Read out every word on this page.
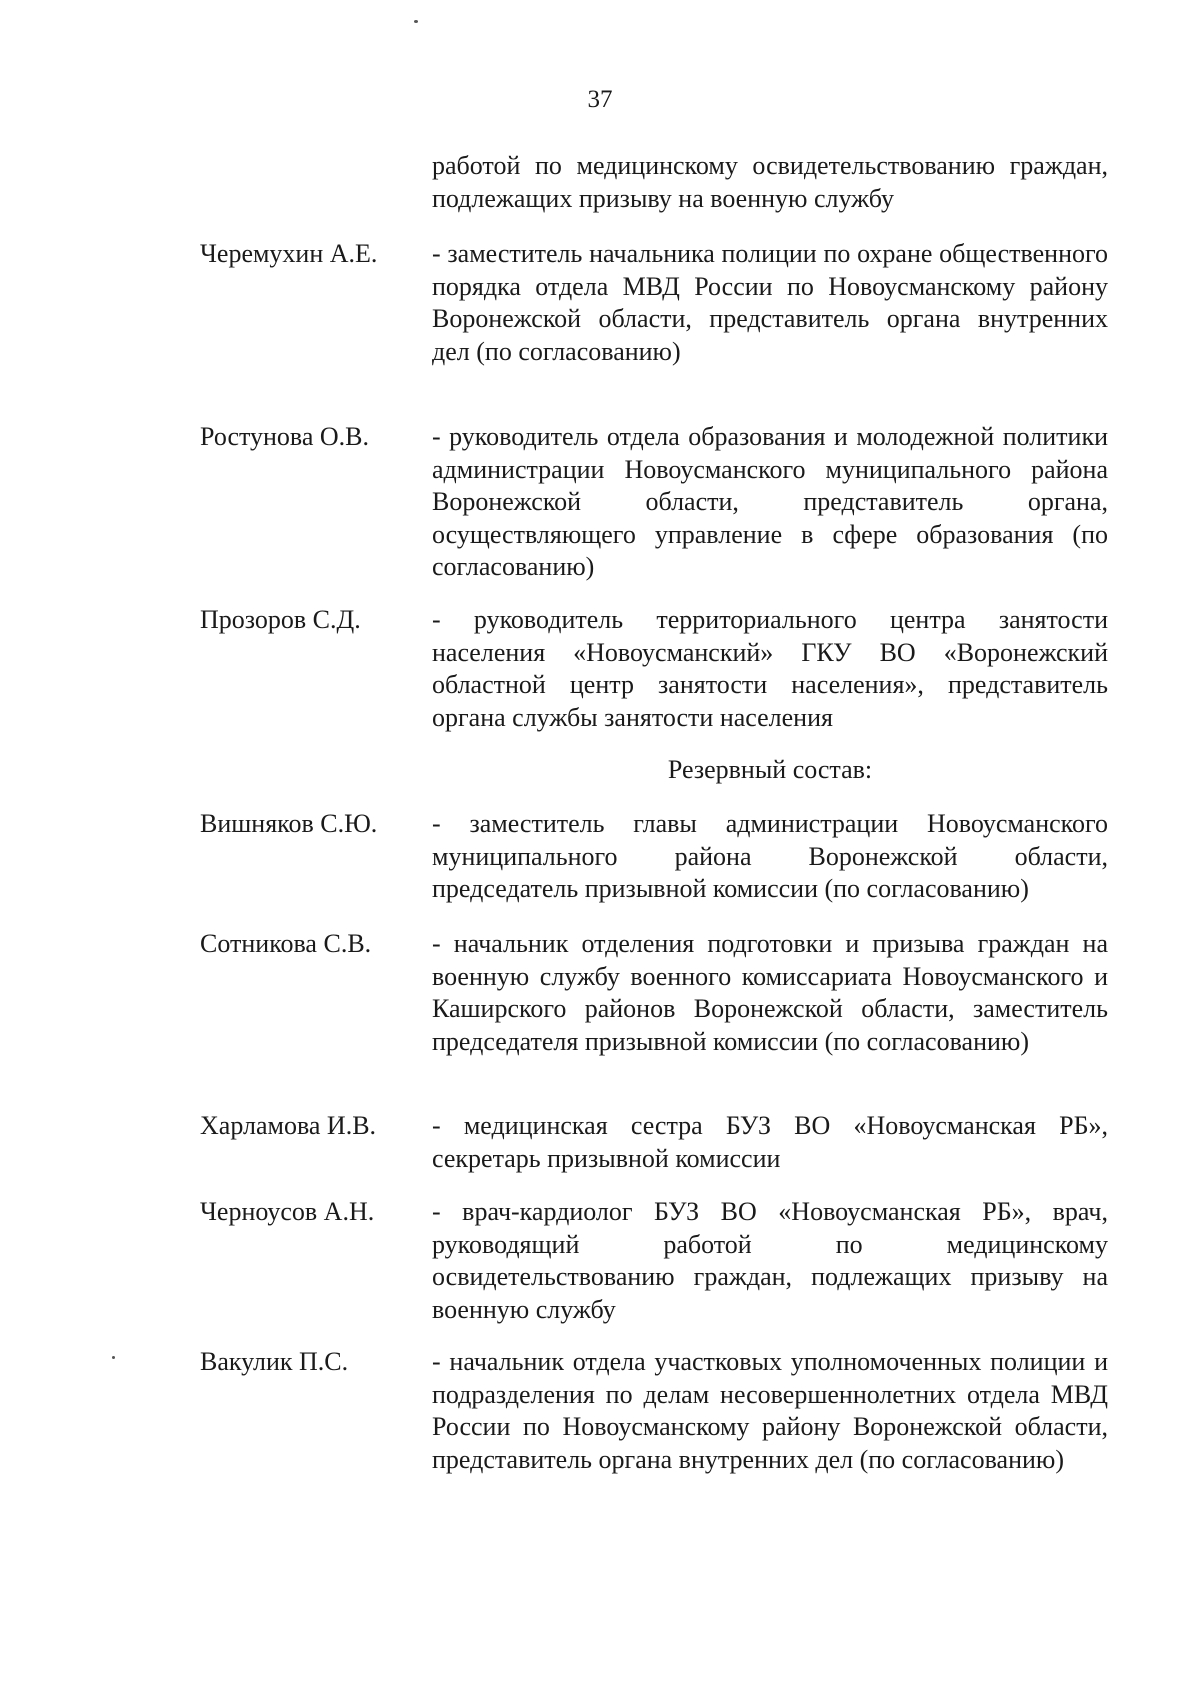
37
работой по медицинскому освидетельствованию граждан, подлежащих призыву на военную службу
Черемухин А.Е. - заместитель начальника полиции по охране общественного порядка отдела МВД России по Новоусманскому району Воронежской области, представитель органа внутренних дел (по согласованию)
Ростунова О.В. - руководитель отдела образования и молодежной политики администрации Новоусманского муниципального района Воронежской области, представитель органа, осуществляющего управление в сфере образования (по согласованию)
Прозоров С.Д.	- руководитель территориального центра занятости населения «Новоусманский» ГКУ ВО «Воронежский областной центр занятости населения», представитель органа службы занятости населения
Резервный состав:
Вишняков С.Ю. - заместитель главы администрации Новоусманского муниципального района Воронежской области, председатель призывной комиссии (по согласованию)
Сотникова С.В. - начальник отделения подготовки и призыва граждан на военную службу военного комиссариата Новоусманского и Каширского районов Воронежской области, заместитель председателя призывной комиссии (по согласованию)
Харламова И.В. - медицинская сестра БУЗ ВО «Новоусманская РБ», секретарь призывной комиссии
Черноусов А.Н. - врач-кардиолог БУЗ ВО «Новоусманская РБ», врач, руководящий работой по медицинскому освидетельствованию граждан, подлежащих призыву на военную службу
Вакулик П.С.	- начальник отдела участковых уполномоченных полиции и подразделения по делам несовершеннолетних отдела МВД России по Новоусманскому району Воронежской области, представитель органа внутренних дел (по согласованию)
